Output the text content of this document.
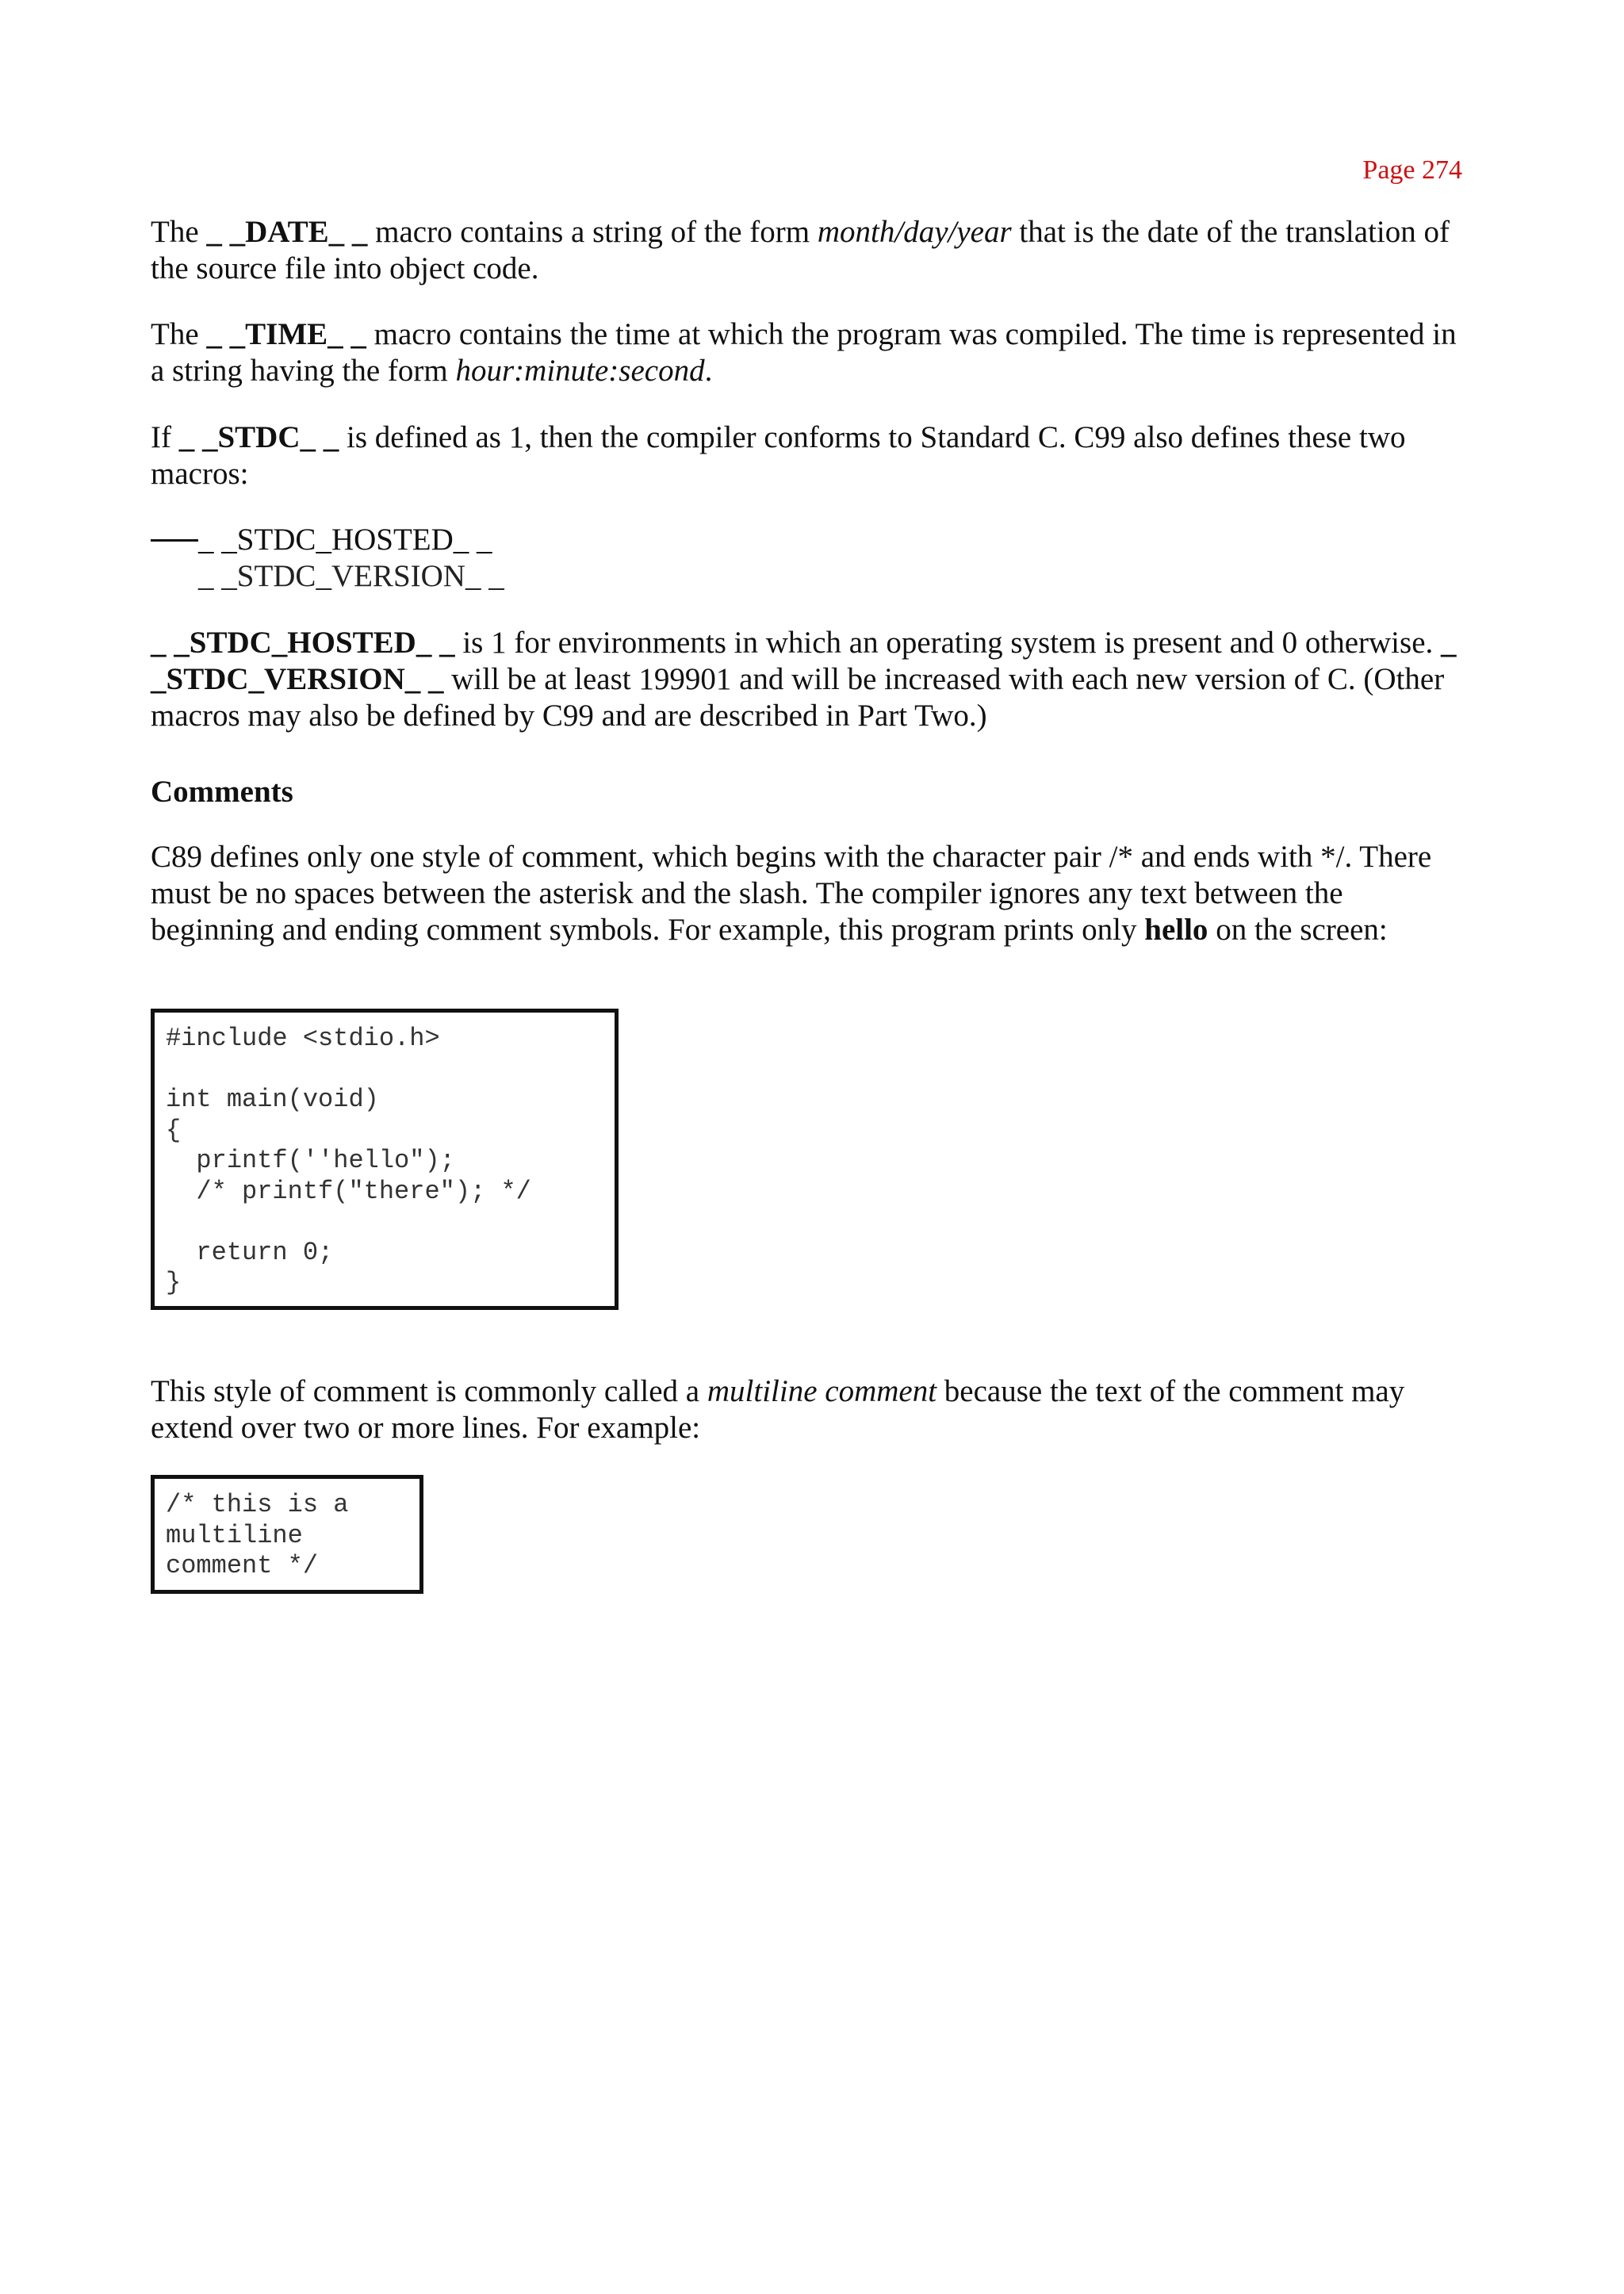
Page 274

The _ _DATE_ _ macro contains a string of the form month/day/year that is the date of the translation of the source file into object code.

The _ _TIME_ _ macro contains the time at which the program was compiled. The time is represented in a string having the form hour:minute:second.

If _ _STDC_ _ is defined as 1, then the compiler conforms to Standard C. C99 also defines these two macros:

_ _STDC_HOSTED_ _
_ _STDC_VERSION_ _

_ _STDC_HOSTED_ _ is 1 for environments in which an operating system is present and 0 otherwise. _ _STDC_VERSION_ _ will be at least 199901 and will be increased with each new version of C. (Other macros may also be defined by C99 and are described in Part Two.)

Comments

C89 defines only one style of comment, which begins with the character pair /* and ends with */. There must be no spaces between the asterisk and the slash. The compiler ignores any text between the beginning and ending comment symbols. For example, this program prints only hello on the screen:

#include <stdio.h>

int main(void)
{
printf(''hello");
/* printf("there"); */

return 0;
}

This style of comment is commonly called a multiline comment because the text of the comment may extend over two or more lines. For example:

/* this is a
multiline
comment */
